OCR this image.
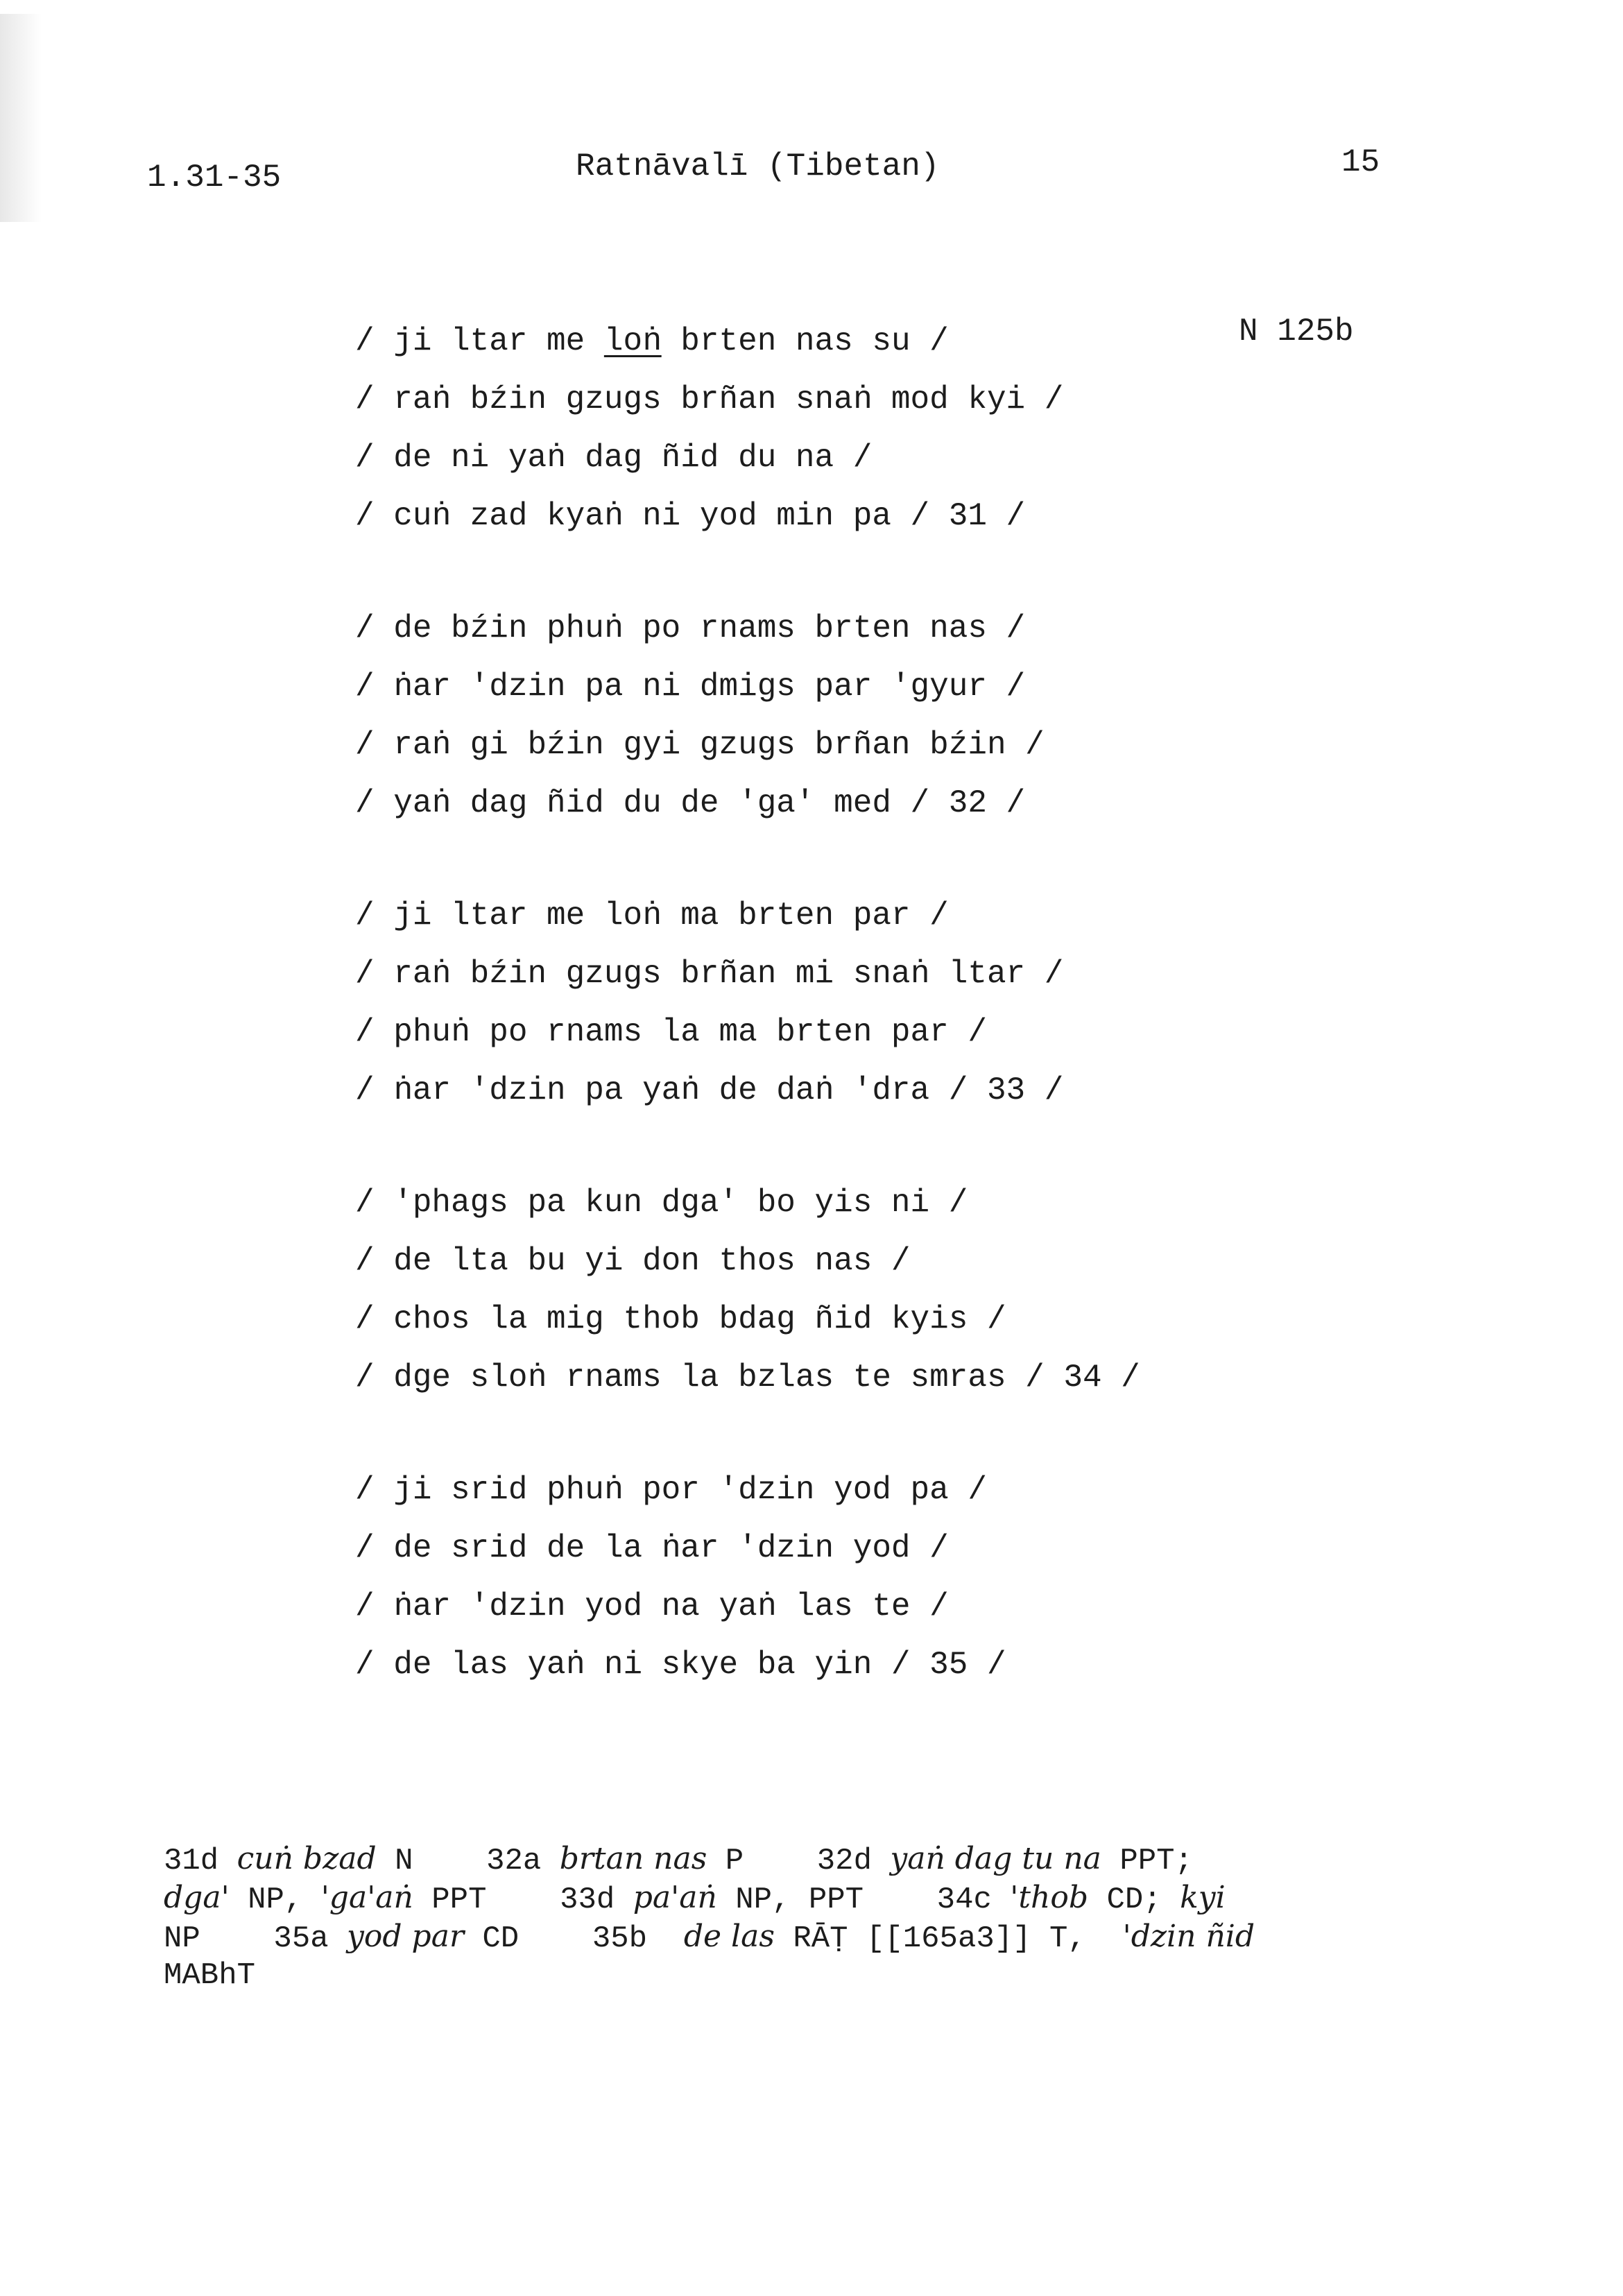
1.31-35	Ratnāvalī (Tibetan)	15
N 125b
/ ji ltar me loṅ brten nas su /
/ raṅ bźin gzugs brñan snaṅ mod kyi /
/ de ni yaṅ dag ñid du na /
/ cuṅ zad kyaṅ ni yod min pa / 31 /
/ de bźin phuṅ po rnams brten nas /
/ ṅar 'dzin pa ni dmigs par 'gyur /
/ raṅ gi bźin gyi gzugs brñan bźin /
/ yaṅ dag ñid du de 'ga' med / 32 /
/ ji ltar me loṅ ma brten par /
/ raṅ bźin gzugs brñan mi snaṅ ltar /
/ phuṅ po rnams la ma brten par /
/ ṅar 'dzin pa yaṅ de daṅ 'dra / 33 /
/ 'phags pa kun dga' bo yis ni /
/ de lta bu yi don thos nas /
/ chos la mig thob bdag ñid kyis /
/ dge sloṅ rnams la bzlas te smras / 34 /
/ ji srid phuṅ por 'dzin yod pa /
/ de srid de la ṅar 'dzin yod /
/ ṅar 'dzin yod na yaṅ las te /
/ de las yaṅ ni skye ba yin / 35 /
31d cuṅ bzad N    32a brtan nas P    32d yaṅ dag tu na PPT;
dga' NP, 'ga'aṅ PPT    33d pa'aṅ NP, PPT    34c 'thob CD; kyi
NP    35a yod par CD    35b  de las RĀṬ [[165a3]] T,  'dzin ñid
MABhT
